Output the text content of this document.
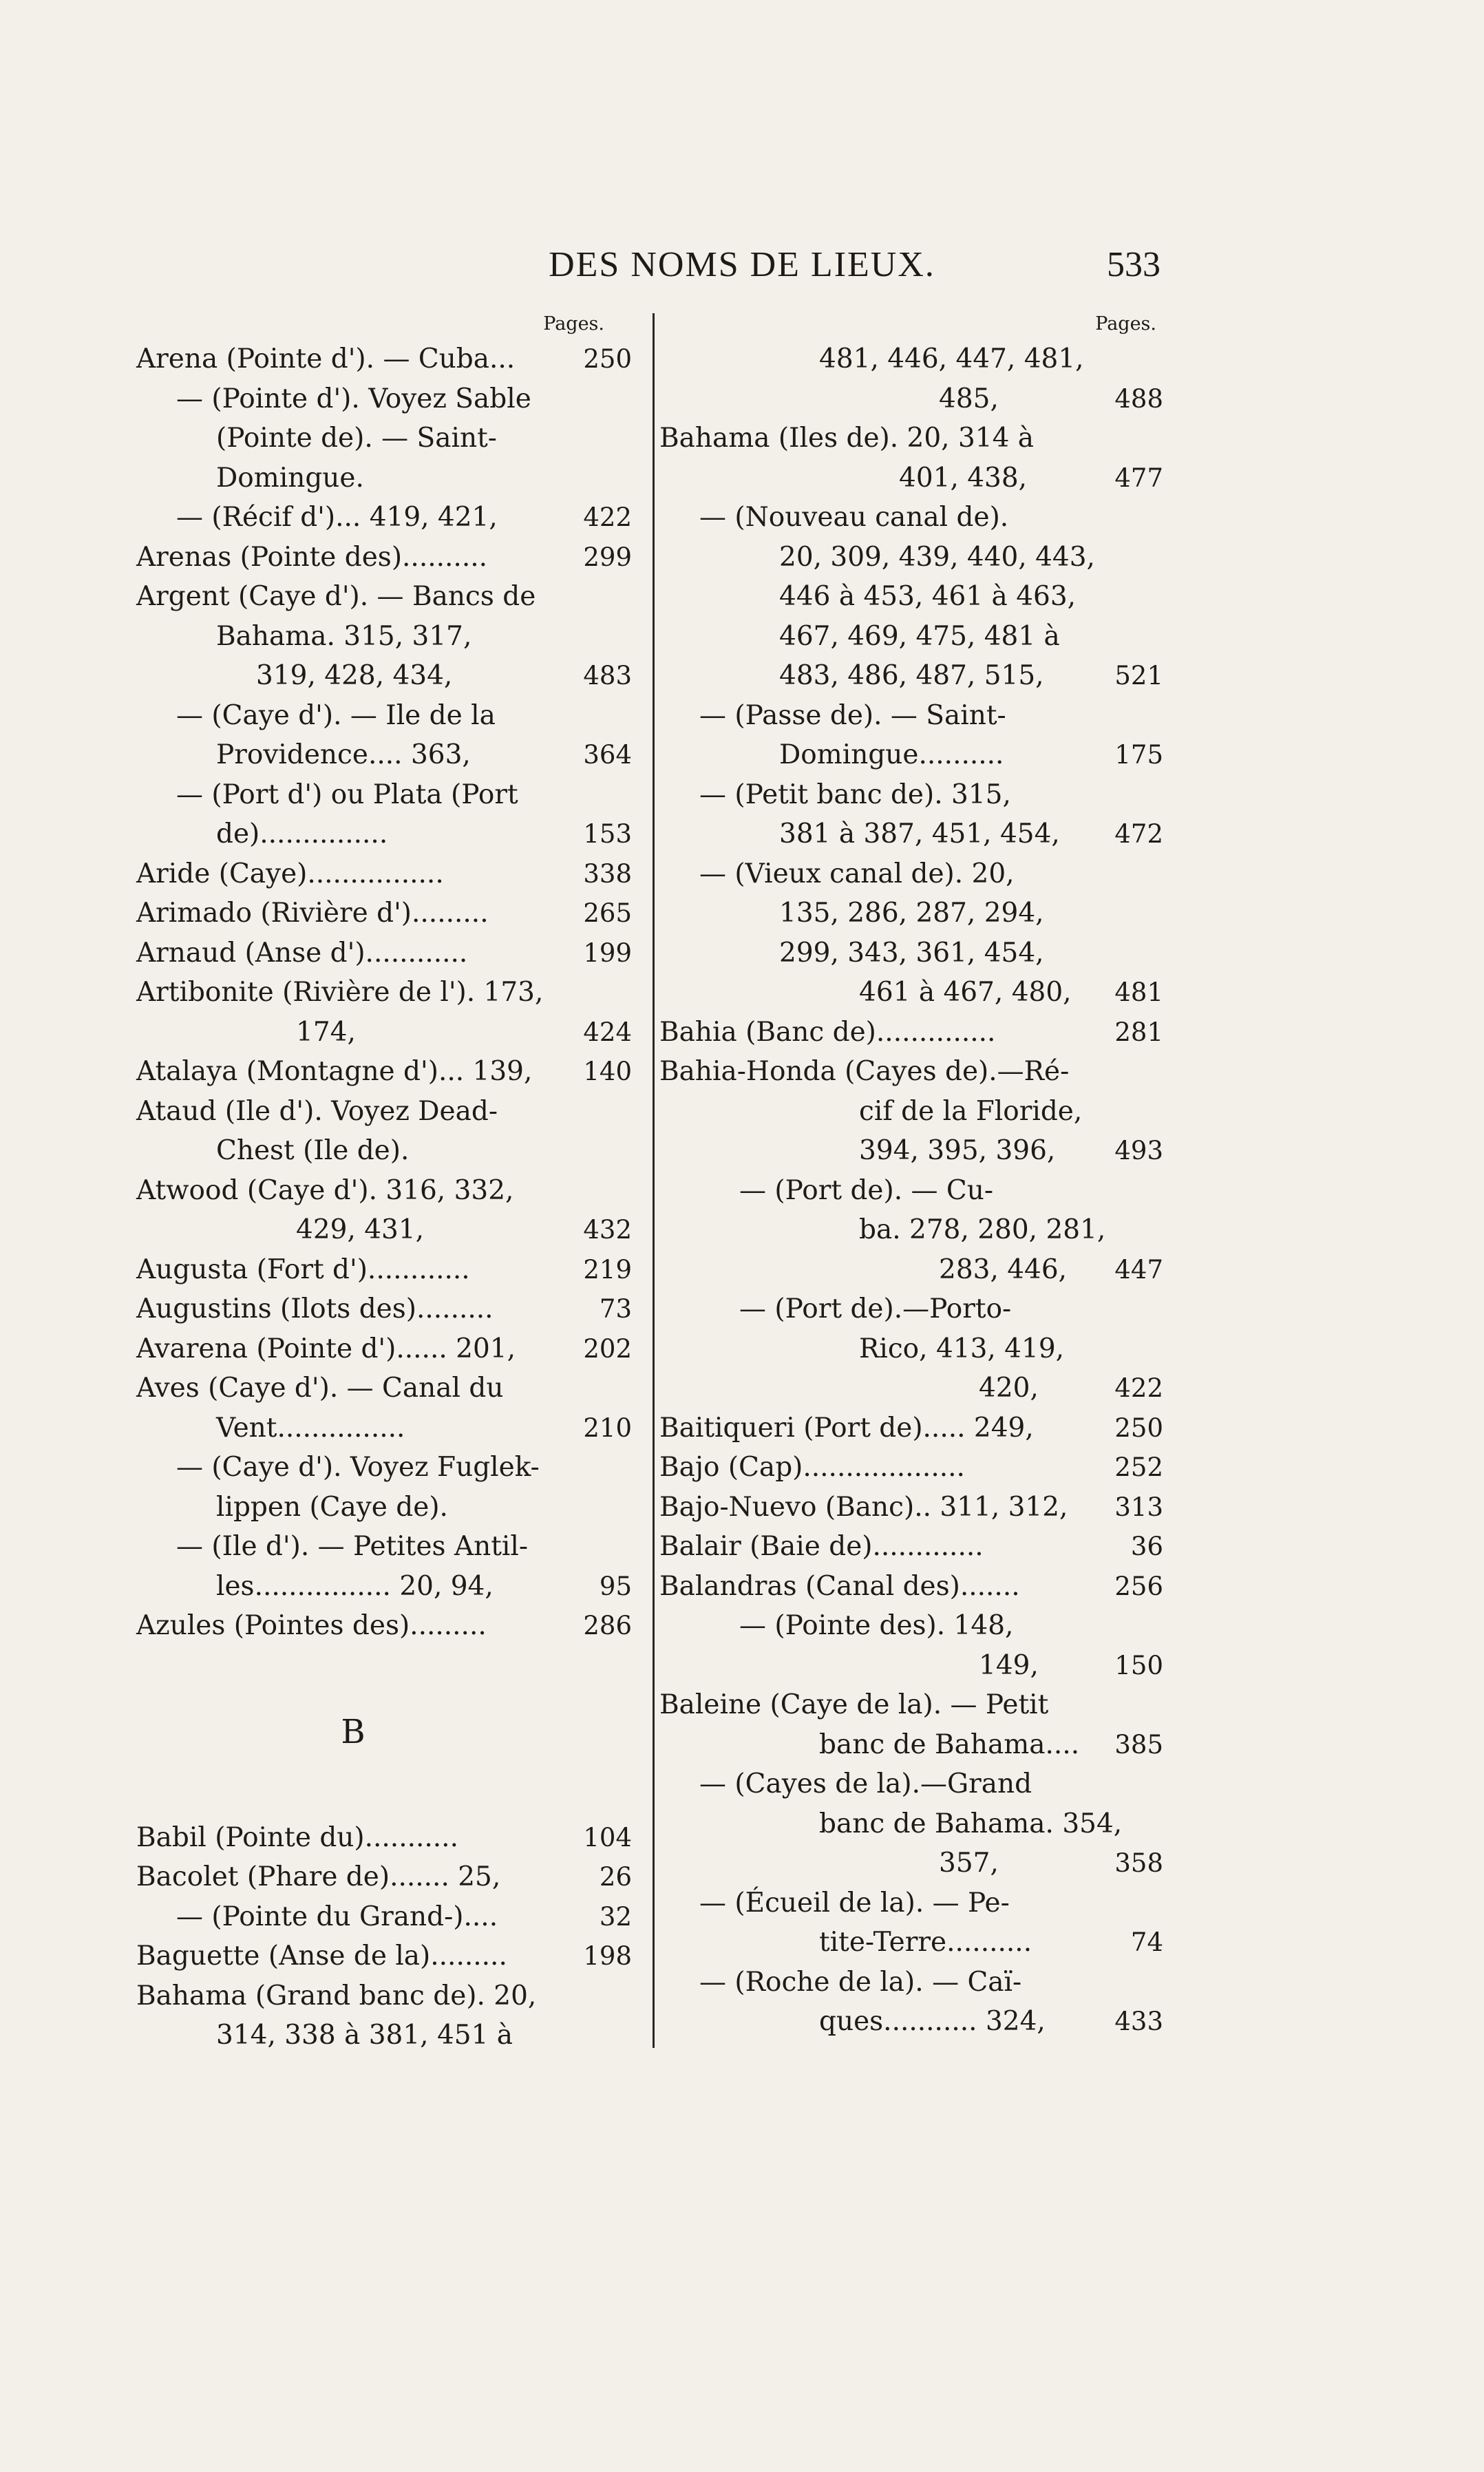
DES NOMS DE LIEUX.	533
Pages.
Arena (Pointe d'). — Cuba...	250
— (Pointe d'). Voyez Sable
(Pointe de). — Saint-
Domingue.
— (Récif d')... 419, 421,	422
Arenas (Pointe des)..........	299
Argent (Caye d'). — Bancs de
Bahama. 315, 317,
319, 428, 434,	483
— (Caye d'). — Ile de la
Providence.... 363,	364
— (Port d') ou Plata (Port
de)...............	153
Aride (Caye)................	338
Arimado (Rivière d').........	265
Arnaud (Anse d')............	199
Artibonite (Rivière de l'). 173,
174,	424
Atalaya (Montagne d')... 139,	140
Ataud (Ile d'). Voyez Dead-
Chest (Ile de).
Atwood (Caye d'). 316, 332,
429, 431,	432
Augusta (Fort d')............	219
Augustins (Ilots des).........	73
Avarena (Pointe d')...... 201,	202
Aves (Caye d'). — Canal du
Vent...............	210
— (Caye d'). Voyez Fuglek-
lippen (Caye de).
— (Ile d'). — Petites Antil-
les................ 20, 94,	95
Azules (Pointes des).........	286
B
Babil (Pointe du)...........	104
Bacolet (Phare de)....... 25,	26
— (Pointe du Grand-)....	32
Baguette (Anse de la).........	198
Bahama (Grand banc de). 20,
314, 338 à 381, 451 à
Pages.
481, 446, 447, 481,
485,	488
Bahama (Iles de). 20, 314 à
401, 438,	477
— (Nouveau canal de).
20, 309, 439, 440, 443,
446 à 453, 461 à 463,
467, 469, 475, 481 à
483, 486, 487, 515,	521
— (Passe de). — Saint-
Domingue..........	175
— (Petit banc de). 315,
381 à 387, 451, 454,	472
— (Vieux canal de). 20,
135, 286, 287, 294,
299, 343, 361, 454,
461 à 467, 480,	481
Bahia (Banc de)..............	281
Bahia-Honda (Cayes de).—Ré-
cif de la Floride,
394, 395, 396,	493
— (Port de). — Cu-
ba. 278, 280, 281,
283, 446,	447
— (Port de).—Porto-
Rico, 413, 419,
420,	422
Baitiqueri (Port de)..... 249,	250
Bajo (Cap)...................	252
Bajo-Nuevo (Banc).. 311, 312,	313
Balair (Baie de).............	36
Balandras (Canal des).......	256
— (Pointe des). 148,
149,	150
Baleine (Caye de la). — Petit
banc de Bahama....	385
— (Cayes de la).—Grand
banc de Bahama. 354,
357,	358
— (Écueil de la). — Pe-
tite-Terre..........	74
— (Roche de la). — Caï-
ques........... 324,	433
